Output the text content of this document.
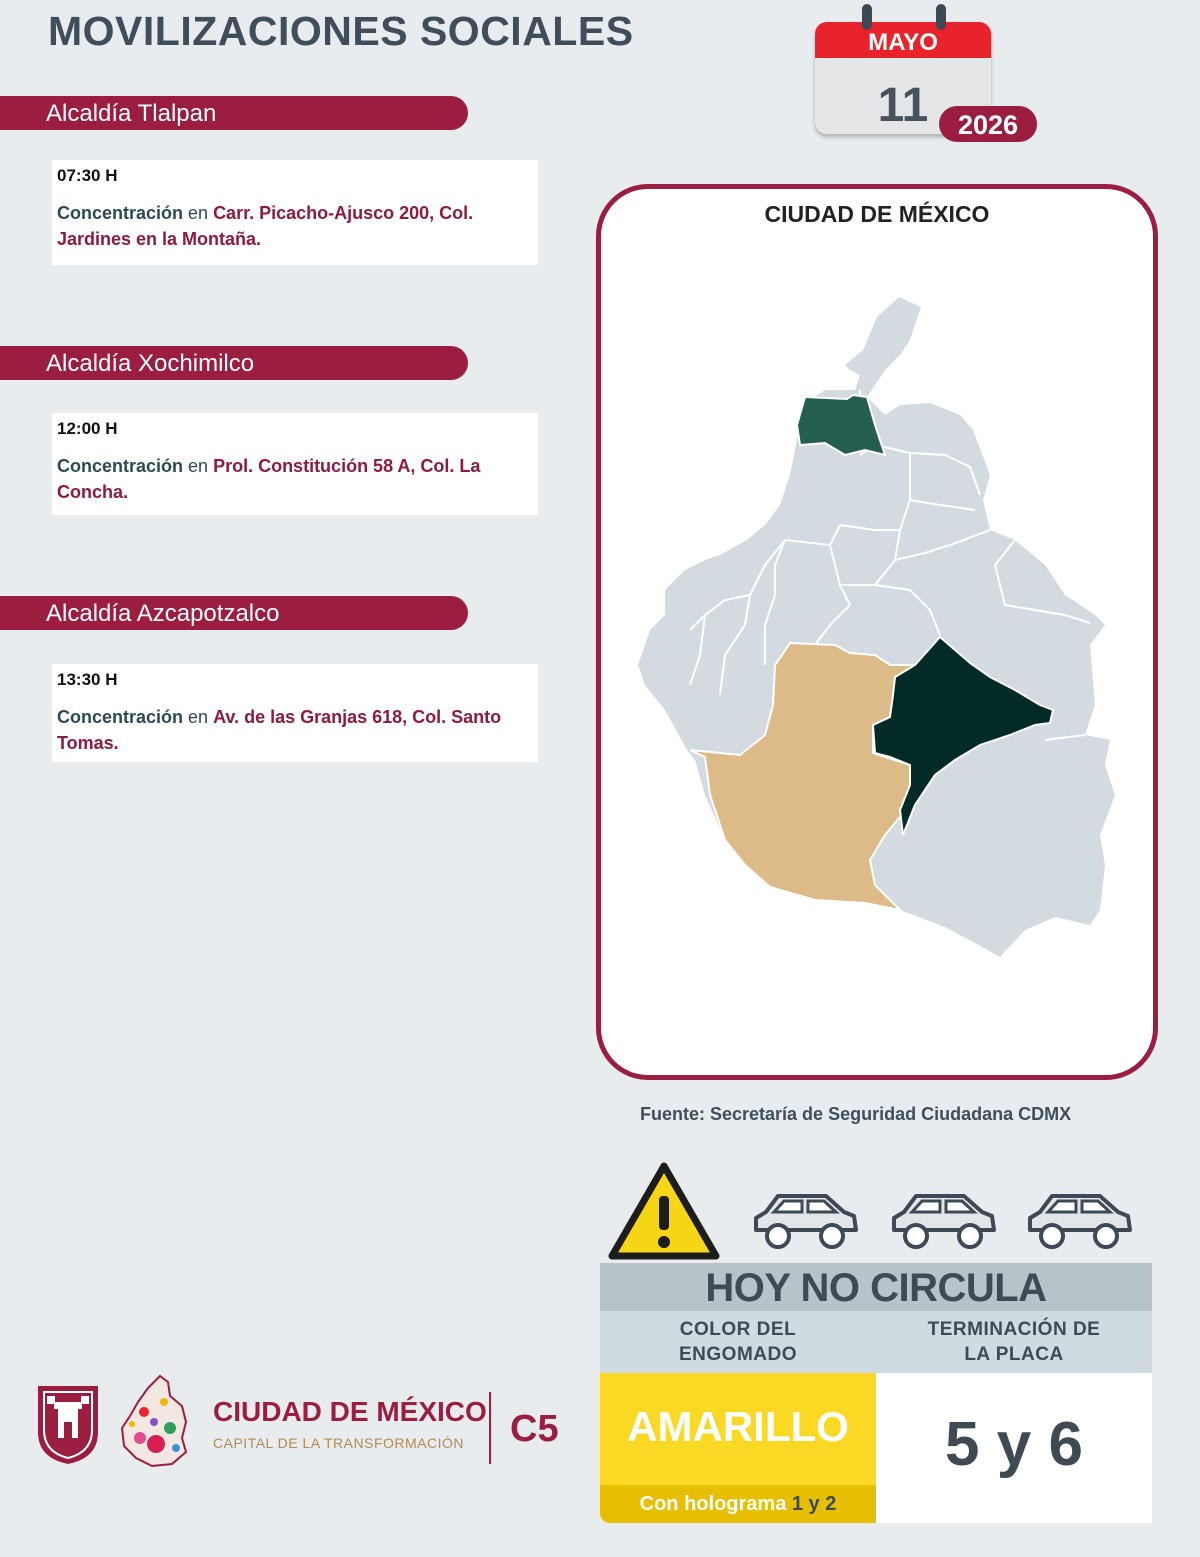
MOVILIZACIONES SOCIALES	MAYO
11	2026
Alcaldía Tlalpan
07:30 H
Concentración en Carr. Picacho-Ajusco 200, Col. Jardines en la Montaña.
Alcaldía Xochimilco
12:00 H
Concentración en Prol. Constitución 58 A, Col. La Concha.
Alcaldía Azcapotzalco
13:30 H
Concentración en Av. de las Granjas 618, Col. Santo Tomas.
CIUDAD DE MÉXICO
Fuente: Secretaría de Seguridad Ciudadana CDMX
HOY NO CIRCULA
COLOR DEL ENGOMADO
TERMINACIÓN DE LA PLACA
AMARILLO
Con holograma 1 y 2
5 y 6
CIUDAD DE MÉXICO
CAPITAL DE LA TRANSFORMACIÓN C5
